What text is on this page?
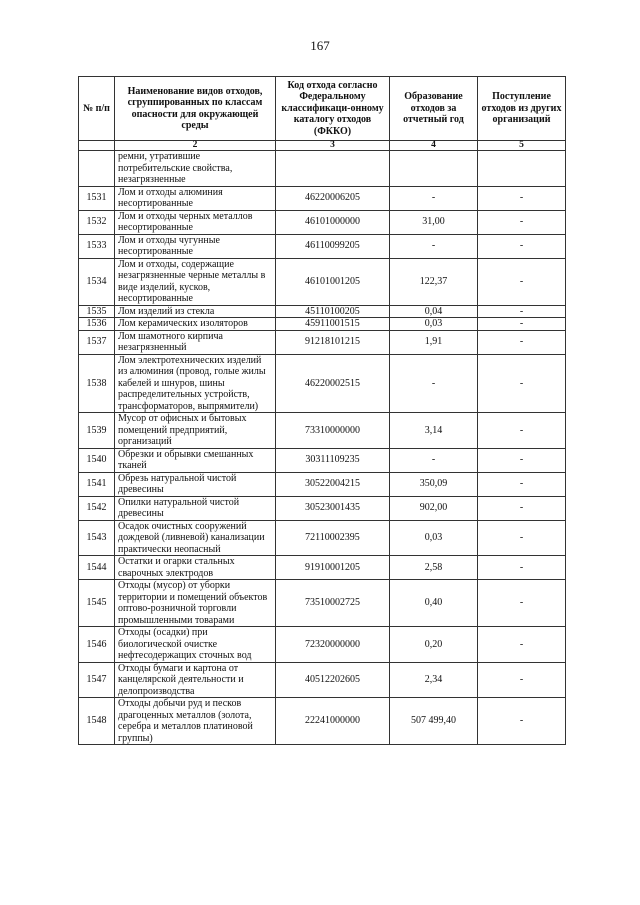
167
№ п/п	Наименование видов отходов, сгруппированных по классам опасности для окружающей среды	Код отхода согласно Федеральному классификаци-онному каталогу отходов (ФККО)	Образование отходов за отчетный год	Поступление отходов из других организаций
	2	3	4	5
	ремни, утратившие потребительские свойства, незагрязненные			
1531	Лом и отходы алюминия несортированные	46220006205	-	-
1532	Лом и отходы черных металлов несортированные	46101000000	31,00	-
1533	Лом и отходы чугунные несортированные	46110099205	-	-
1534	Лом и отходы, содержащие незагрязненные черные металлы в виде изделий, кусков, несортированные	46101001205	122,37	-
1535	Лом изделий из стекла	45110100205	0,04	-
1536	Лом керамических изоляторов	45911001515	0,03	-
1537	Лом шамотного кирпича незагрязненный	91218101215	1,91	-
1538	Лом электротехнических изделий из алюминия (провод, голые жилы кабелей и шнуров, шины распределительных устройств, трансформаторов, выпрямители)	46220002515	-	-
1539	Мусор от офисных и бытовых помещений предприятий, организаций	73310000000	3,14	-
1540	Обрезки и обрывки смешанных тканей	30311109235	-	-
1541	Обрезь натуральной чистой древесины	30522004215	350,09	-
1542	Опилки натуральной чистой древесины	30523001435	902,00	-
1543	Осадок очистных сооружений дождевой (ливневой) канализации практически неопасный	72110002395	0,03	-
1544	Остатки и огарки стальных сварочных электродов	91910001205	2,58	-
1545	Отходы (мусор) от уборки территории и помещений объектов оптово-розничной торговли промышленными товарами	73510002725	0,40	-
1546	Отходы (осадки) при биологической очистке нефтесодержащих сточных вод	72320000000	0,20	-
1547	Отходы бумаги и картона от канцелярской деятельности и делопроизводства	40512202605	2,34	-
1548	Отходы добычи руд и песков драгоценных металлов (золота, серебра и металлов платиновой группы)	22241000000	507 499,40	-
